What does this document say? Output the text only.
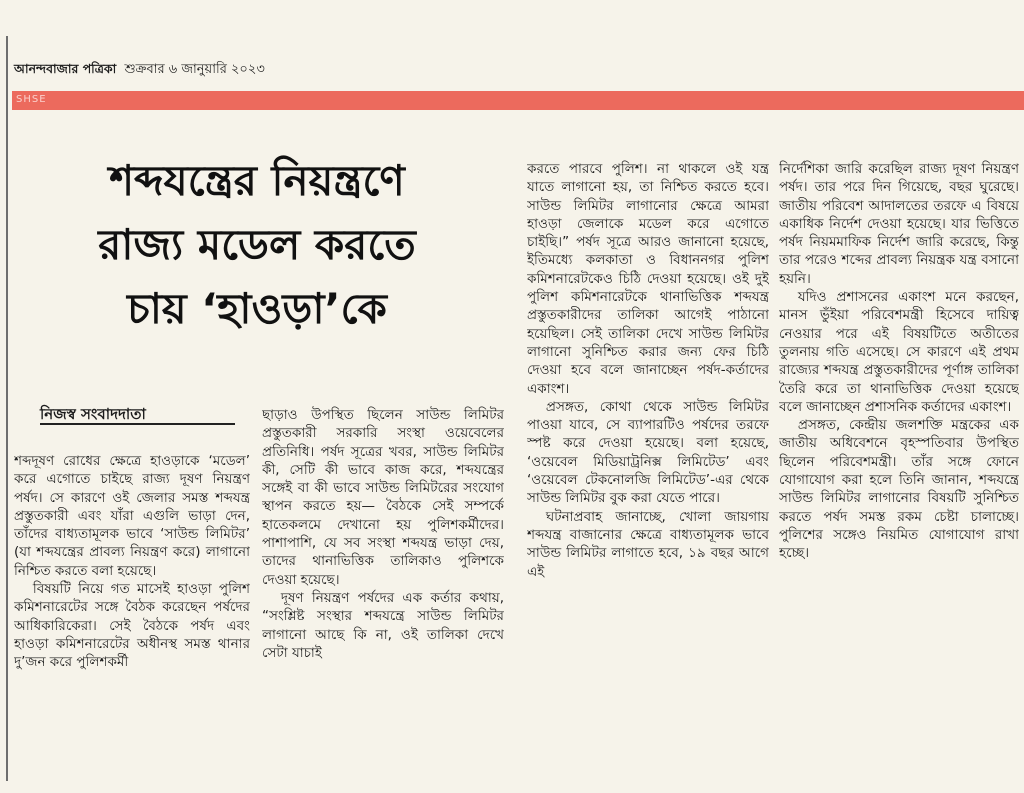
আনন্দবাজার পত্রিকা শুক্রবার ৬ জানুয়ারি ২০২৩
SHSE
শব্দযন্ত্রের নিয়ন্ত্রণে
রাজ্য মডেল করতে
চায় ‘হাওড়া’কে
নিজস্ব সংবাদদাতা

শব্দদূষণ রোধের ক্ষেত্রে হাওড়াকে ‘মডেল’ করে এগোতে চাইছে রাজ্য দূষণ নিয়ন্ত্রণ পর্ষদ। সে কারণে ওই জেলার সমস্ত শব্দযন্ত্র প্রস্তুতকারী এবং যাঁরা এগুলি ভাড়া দেন, তাঁদের বাধ্যতামূলক ভাবে ‘সাউন্ড লিমিটর’ (যা শব্দযন্ত্রের প্রাবল্য নিয়ন্ত্রণ করে) লাগানো নিশ্চিত করতে বলা হয়েছে।

বিষয়টি নিয়ে গত মাসেই হাওড়া পুলিশ কমিশনারেটের সঙ্গে বৈঠক করেছেন পর্ষদের আধিকারিকেরা। সেই বৈঠকে পর্ষদ এবং হাওড়া কমিশনারেটের অধীনস্থ সমস্ত থানার দু’জন করে পুলিশকর্মী

ছাড়াও উপস্থিত ছিলেন সাউন্ড লিমিটর প্রস্তুতকারী সরকারি সংস্থা ওয়েবেলের প্রতিনিধি। পর্ষদ সূত্রের খবর, সাউন্ড লিমিটর কী, সেটি কী ভাবে কাজ করে, শব্দযন্ত্রের সঙ্গেই বা কী ভাবে সাউন্ড লিমিটরের সংযোগ স্থাপন করতে হয়— বৈঠকে সেই সম্পর্কে হাতেকলমে দেখানো হয় পুলিশকর্মীদের। পাশাপাশি, যে সব সংস্থা শব্দযন্ত্র ভাড়া দেয়, তাদের থানাভিত্তিক তালিকাও পুলিশকে দেওয়া হয়েছে।

দূষণ নিয়ন্ত্রণ পর্ষদের এক কর্তার কথায়, “সংশ্লিষ্ট সংস্থার শব্দযন্ত্রে সাউন্ড লিমিটর লাগানো আছে কি না, ওই তালিকা দেখে সেটা যাচাই

করতে পারবে পুলিশ। না থাকলে ওই যন্ত্র যাতে লাগানো হয়, তা নিশ্চিত করতে হবে। সাউন্ড লিমিটর লাগানোর ক্ষেত্রে আমরা হাওড়া জেলাকে মডেল করে এগোতে চাইছি।” পর্ষদ সূত্রে আরও জানানো হয়েছে, ইতিমধ্যে কলকাতা ও বিধাননগর পুলিশ কমিশনারেটকেও চিঠি দেওয়া হয়েছে। ওই দুই পুলিশ কমিশনারেটকে থানাভিত্তিক শব্দযন্ত্র প্রস্তুতকারীদের তালিকা আগেই পাঠানো হয়েছিল। সেই তালিকা দেখে সাউন্ড লিমিটর লাগানো সুনিশ্চিত করার জন্য ফের চিঠি দেওয়া হবে বলে জানাচ্ছেন পর্ষদ-কর্তাদের একাংশ।

প্রসঙ্গত, কোথা থেকে সাউন্ড লিমিটর পাওয়া যাবে, সে ব্যাপারটিও পর্ষদের তরফে স্পষ্ট করে দেওয়া হয়েছে। বলা হয়েছে, ‘ওয়েবেল মিডিয়াট্রনিক্স লিমিটেড’ এবং ‘ওয়েবেল টেকনোলজি লিমিটেড’-এর থেকে সাউন্ড লিমিটর বুক করা যেতে পারে।

ঘটনাপ্রবাহ জানাচ্ছে, খোলা জায়গায় শব্দযন্ত্র বাজানোর ক্ষেত্রে বাধ্যতামূলক ভাবে সাউন্ড লিমিটর লাগাতে হবে, ১৯ বছর আগে এই

নির্দেশিকা জারি করেছিল রাজ্য দূষণ নিয়ন্ত্রণ পর্ষদ। তার পরে দিন গিয়েছে, বছর ঘুরেছে। জাতীয় পরিবেশ আদালতের তরফে এ বিষয়ে একাধিক নির্দেশ দেওয়া হয়েছে। যার ভিত্তিতে পর্ষদ নিয়মমাফিক নির্দেশ জারি করেছে, কিন্তু তার পরেও শব্দের প্রাবল্য নিয়ন্ত্রক যন্ত্র বসানো হয়নি।

যদিও প্রশাসনের একাংশ মনে করছেন, মানস ভুঁইয়া পরিবেশমন্ত্রী হিসেবে দায়িত্ব নেওয়ার পরে এই বিষয়টিতে অতীতের তুলনায় গতি এসেছে। সে কারণে এই প্রথম রাজ্যের শব্দযন্ত্র প্রস্তুতকারীদের পূর্ণাঙ্গ তালিকা তৈরি করে তা থানাভিত্তিক দেওয়া হয়েছে বলে জানাচ্ছেন প্রশাসনিক কর্তাদের একাংশ।

প্রসঙ্গত, কেন্দ্রীয় জলশক্তি মন্ত্রকের এক জাতীয় অধিবেশনে বৃহস্পতিবার উপস্থিত ছিলেন পরিবেশমন্ত্রী। তাঁর সঙ্গে ফোনে যোগাযোগ করা হলে তিনি জানান, শব্দযন্ত্রে সাউন্ড লিমিটর লাগানোর বিষয়টি সুনিশ্চিত করতে পর্ষদ সমস্ত রকম চেষ্টা চালাচ্ছে। পুলিশের সঙ্গেও নিয়মিত যোগাযোগ রাখা হচ্ছে।
